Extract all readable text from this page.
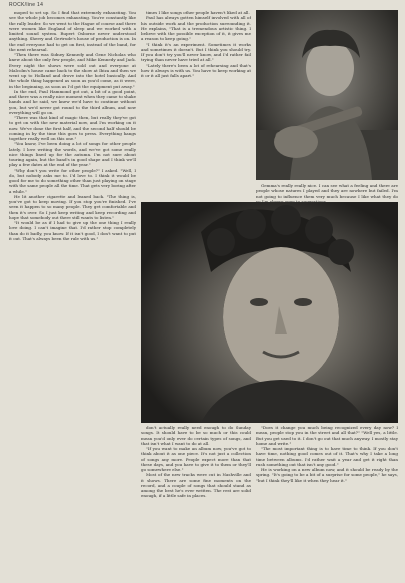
ROCK/line 14

moped to set up. So I find that extremely exhausting. You see the whole job becomes exhausting. You're constantly like the rally leader. So we went to the Hague of course and there were women like England of sleep and we worked with a limited sound system. Rupert Osborne never understood anything. Sherry and Gertrude's house of production is on. In the end everyone had to get on first, instead of the band, for the next rehearsal.

"Then there was Sidney Kennedy and Gene Nicholas who knew about the only few people, and Mike Kennedy and Jack. Every night the shows were sold out and everyone at Malcolm's house came back to the show at Ibiza and then we went up to Holland and drove into the hotel basically. And the whole thing happened as soon as you'd come, as it were, in the beginning, as soon as I'd got the equipment put away."

In the end, Paul Hammond got out, a bit of a good point, and there was a really nice moment when they came to shake hands and he said, we knew we'd have to continue without you, but we'd never got round to the third album, and now everything will go on.

"There was that kind of magic then, but really they've got to get on with the new material now, and I'm working on it now. We've done the first half, and the second half should be coming in by the time this goes to press. Everything hangs together really well on this one."

"You know, I've been doing a lot of songs for other people lately. I love writing the words, and we've got some really nice things lined up for the autumn. I'm not sure about touring again, but the band's in good shape and I think we'll play a few dates at the end of the year."

"Why don't you write for other people?" I asked. "Well, I do, but nobody asks me to. I'd love to. I think it would be good for me to do something other than just playing on stage with the same people all the time. That gets very boring after a while."

He lit another cigarette and leaned back. "The thing is, you've got to keep moving. If you stop you're finished. I've seen it happen to so many people. They get comfortable and then it's over. So I just keep writing and keep recording and hope that somebody out there still wants to listen."

"It would be as if I had to give up the one thing I really love doing. I can't imagine that. I'd rather stop completely than do it badly, you know. If it isn't good, I don't want to put it out. That's always been the rule with us."

times I like songs other people haven't liked at all.

Paul has always gotten himself involved with all of his outside work and the production surrounding it. He explains, "That is a tremendous artistic thing. I believe with the possible exception of it, it gives me a reason to keep going."

"I think it's an experiment. Sometimes it works and sometimes it doesn't. But I think you should try. If you don't try you'll never know, and I'd rather fail trying than never have tried at all."

"Lately there's been a lot of rehearsing and that's how it always is with us. You have to keep working at it or it all just falls apart."

Gemma's really really nice. I can see what a feeling and there are people whose natures I played and they are nowhere but failed. I'm not going to influence them very much because I like what they do

don't actually really need enough to do Sunday songs. It should have to be so much or this could mean you'd only ever do certain types of songs, and that isn't what I want to do at all.

"If you want to make an album now, you've got to think about it as one piece. It's not just a collection of songs any more. People expect more than that these days, and you have to give it to them or they'll go somewhere else."

Most of the new tracks were cut in Nashville and it shows. There are some fine moments on the record, and a couple of songs that should stand as among the best he's ever written. The rest are solid enough, if a little safe in places.

"Does it change you much being recognized every day now? I mean, people stop you in the street and all that?" "Well yes, a little. But you get used to it. I don't go out that much anyway. I mostly stay home and write."

"The most important thing is to have time to think. If you don't have time, nothing good comes out of it. That's why I take a long time between albums. I'd rather wait a year and get it right than rush something out that isn't any good."

He is working on a new album now, and it should be ready by the spring. "It's going to be a bit of a surprise for some people," he says, "but I think they'll like it when they hear it."
